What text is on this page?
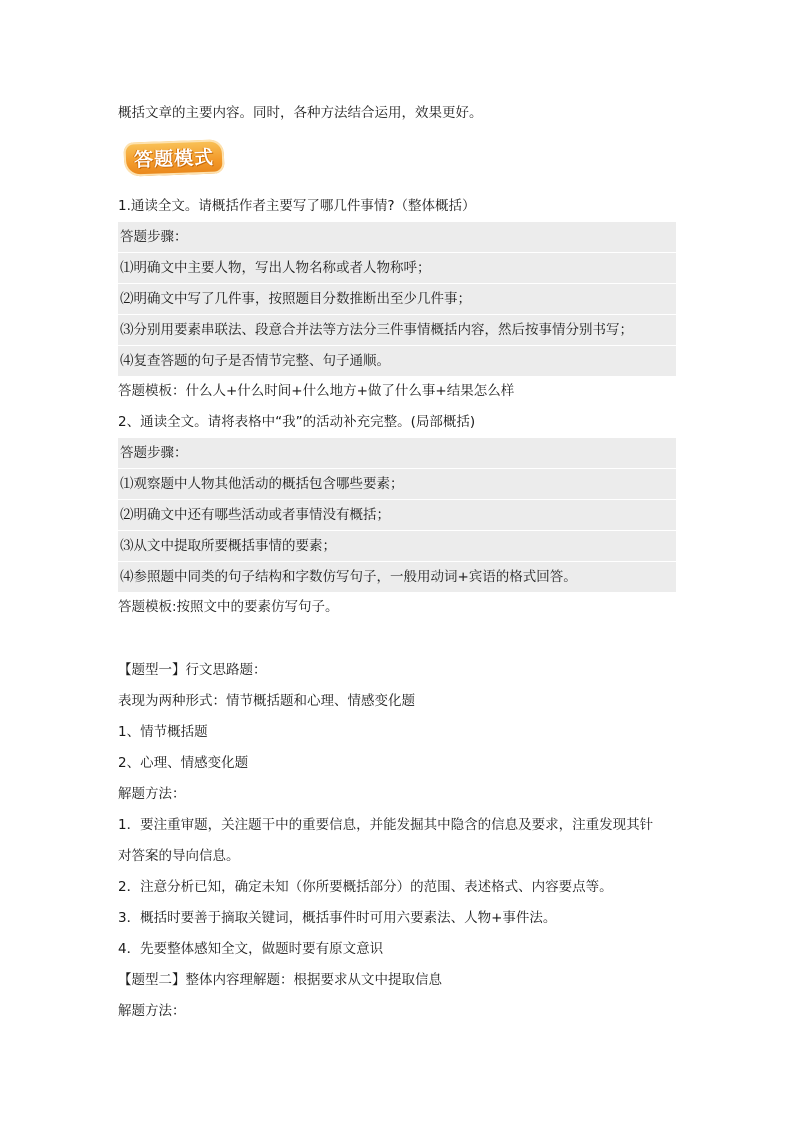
概括文章的主要内容。同时，各种方法结合运用，效果更好。
答题模式
1.通读全文。请概括作者主要写了哪几件事情?（整体概括）
答题步骤：
⑴明确文中主要人物，写出人物名称或者人物称呼；
⑵明确文中写了几件事，按照题目分数推断出至少几件事；
⑶分别用要素串联法、段意合并法等方法分三件事情概括内容，然后按事情分别书写；
⑷复查答题的句子是否情节完整、句子通顺。
答题模板：什么人+什么时间+什么地方+做了什么事+结果怎么样
2、通读全文。请将表格中“我”的活动补充完整。(局部概括)
答题步骤：
⑴观察题中人物其他活动的概括包含哪些要素；
⑵明确文中还有哪些活动或者事情没有概括；
⑶从文中提取所要概括事情的要素；
⑷参照题中同类的句子结构和字数仿写句子，一般用动词+宾语的格式回答。
答题模板:按照文中的要素仿写句子。
【题型一】行文思路题：
表现为两种形式：情节概括题和心理、情感变化题
1、情节概括题
2、心理、情感变化题
解题方法：
1．要注重审题，关注题干中的重要信息，并能发掘其中隐含的信息及要求，注重发现其针
对答案的导向信息。
2．注意分析已知，确定未知（你所要概括部分）的范围、表述格式、内容要点等。
3．概括时要善于摘取关键词，概括事件时可用六要素法、人物+事件法。
4．先要整体感知全文，做题时要有原文意识
【题型二】整体内容理解题：根据要求从文中提取信息
解题方法：
